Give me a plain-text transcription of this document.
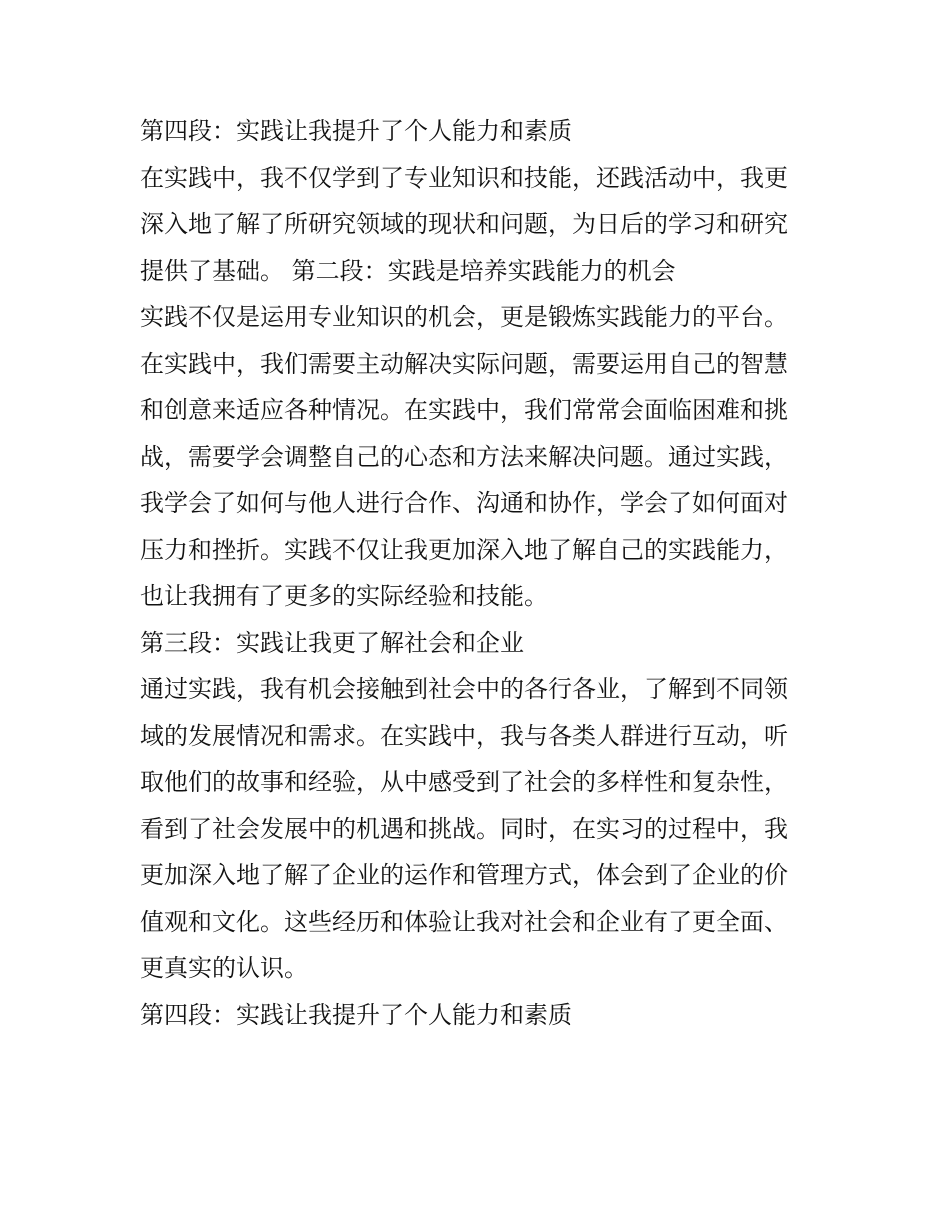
第四段：实践让我提升了个人能力和素质
在实践中，我不仅学到了专业知识和技能，还践活动中，我更
深入地了解了所研究领域的现状和问题，为日后的学习和研究
提供了基础。 第二段：实践是培养实践能力的机会
实践不仅是运用专业知识的机会，更是锻炼实践能力的平台。
在实践中，我们需要主动解决实际问题，需要运用自己的智慧
和创意来适应各种情况。在实践中，我们常常会面临困难和挑
战，需要学会调整自己的心态和方法来解决问题。通过实践，
我学会了如何与他人进行合作、沟通和协作，学会了如何面对
压力和挫折。实践不仅让我更加深入地了解自己的实践能力，
也让我拥有了更多的实际经验和技能。
第三段：实践让我更了解社会和企业
通过实践，我有机会接触到社会中的各行各业，了解到不同领
域的发展情况和需求。在实践中，我与各类人群进行互动，听
取他们的故事和经验，从中感受到了社会的多样性和复杂性，
看到了社会发展中的机遇和挑战。同时，在实习的过程中，我
更加深入地了解了企业的运作和管理方式，体会到了企业的价
值观和文化。这些经历和体验让我对社会和企业有了更全面、
更真实的认识。
第四段：实践让我提升了个人能力和素质
